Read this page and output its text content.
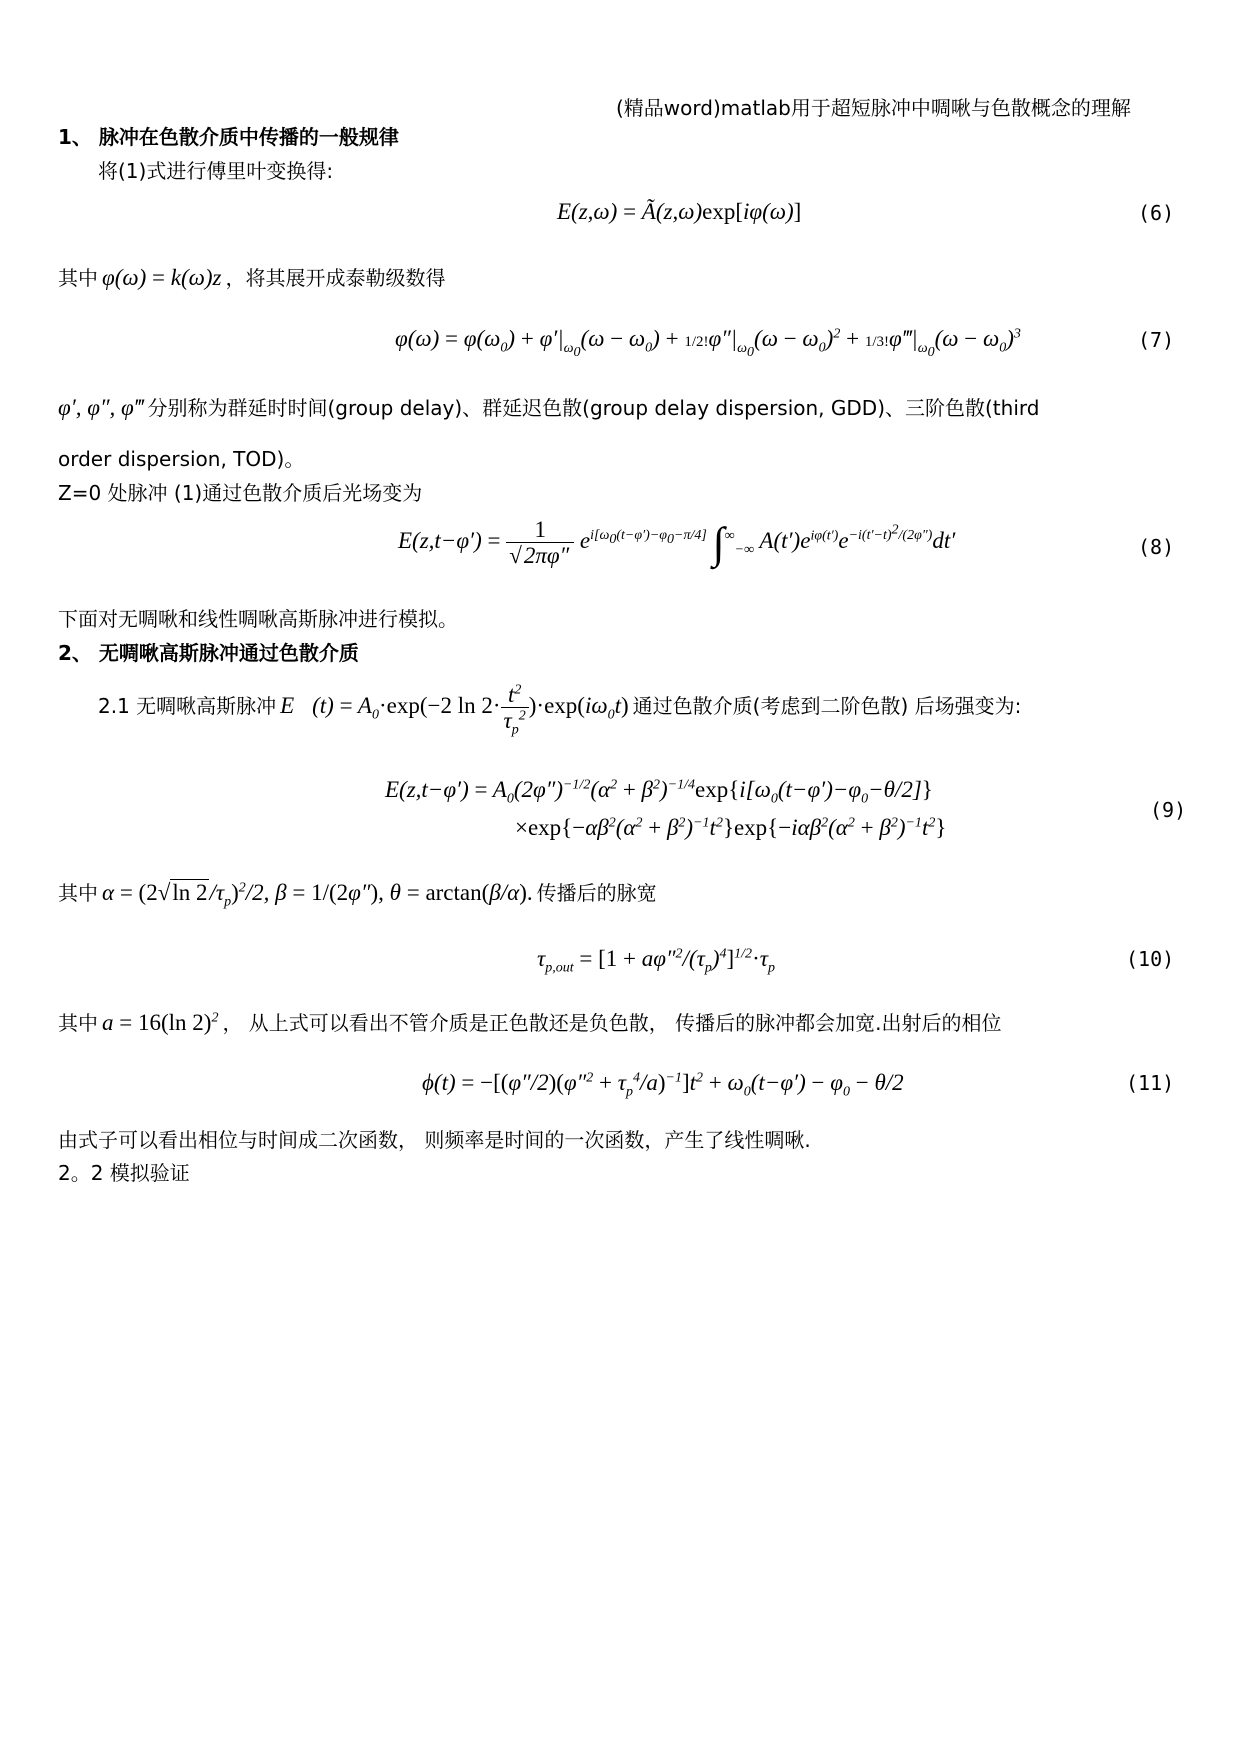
(精品word)matlab用于超短脉冲中啁啾与色散概念的理解
1、 脉冲在色散介质中传播的一般规律
将(1)式进行傅里叶变换得:
E(z,ω) = Ã(z,ω)exp[iφ(ω)]	(6)
其中 φ(ω) = k(ω)z ，将其展开成泰勒级数得
$\varphi(\omega) = \varphi(\omega_0) + \varphi'|_{\omega_0}(\omega - \omega_0) + 1/2!\varphi''|_{\omega_0}(\omega - \omega_0)^2$ + $1/3!\varphi‴|_{\omega_0}(\omega - \omega_0)^3$	(7)
φ′, φ″, φ‴ 分别称为群延时时间(group delay)、群延迟色散(group delay dispersion, GDD)、三阶色散(third
order dispersion, TOD)。
Z=0 处脉冲 (1)通过色散介质后光场变为
$E(z,t-\varphi') = \frac{1}{√2\pi\varphi''} e^{i[\omega_0(t-\varphi')-\varphi_0-\pi/4]}$ $\int^\infty_{-\infty}$ $A(t')e^{i\varphi(t')}e^{-i(t'-t)^2/(2\varphi'')}dt'$	(8)
下面对无啁啾和线性啁啾高斯脉冲进行模拟。
2、 无啁啾高斯脉冲通过色散介质
2.1 无啁啾高斯脉冲 E⃗(t) = $A_0\cdot\exp(-2$ $\ln 2\cdot \frac{t^2}{\tau_p^2} )\cdot\exp(i\omega_0t)$ 通过色散介质(考虑到二阶色散) 后场强变为:
$E(z,t-\varphi') = A_0(2\varphi'')^{-1/2}(\alpha^2 + \beta^2)^{-1/4}\exp\{i[\omega_0(t-\varphi')-\varphi_0-\theta/2]\}$
$\times\exp\{-\alpha\beta^2(\alpha^2 + \beta^2)^{-1}t^2\}\exp\{-i\alpha\beta^2(\alpha^2 + \beta^2)^{-1}t^2\}$
(9)
其中 α = (2√ln $2/\tau_p)^2/2$, β = 1/(2φ″), θ = arctan(β/α). 传播后的脉宽
$\tau_{p,out} = [1 + a\varphi''^2/(\tau_p)^4]^{1/2}\cdot\tau_p$	(10)
其中 a = 16(ln 2)$^2$ ， 从上式可以看出不管介质是正色散还是负色散， 传播后的脉冲都会加宽.出射后的相位
$\phi(t) = -[(\varphi''/2)(\varphi''^2 + \tau_p^4/a)^{-1}]t^2 + \omega_0(t-\varphi') - \varphi_0 - \theta/2$	(11)
由式子可以看出相位与时间成二次函数， 则频率是时间的一次函数，产生了线性啁啾.
2。2 模拟验证
